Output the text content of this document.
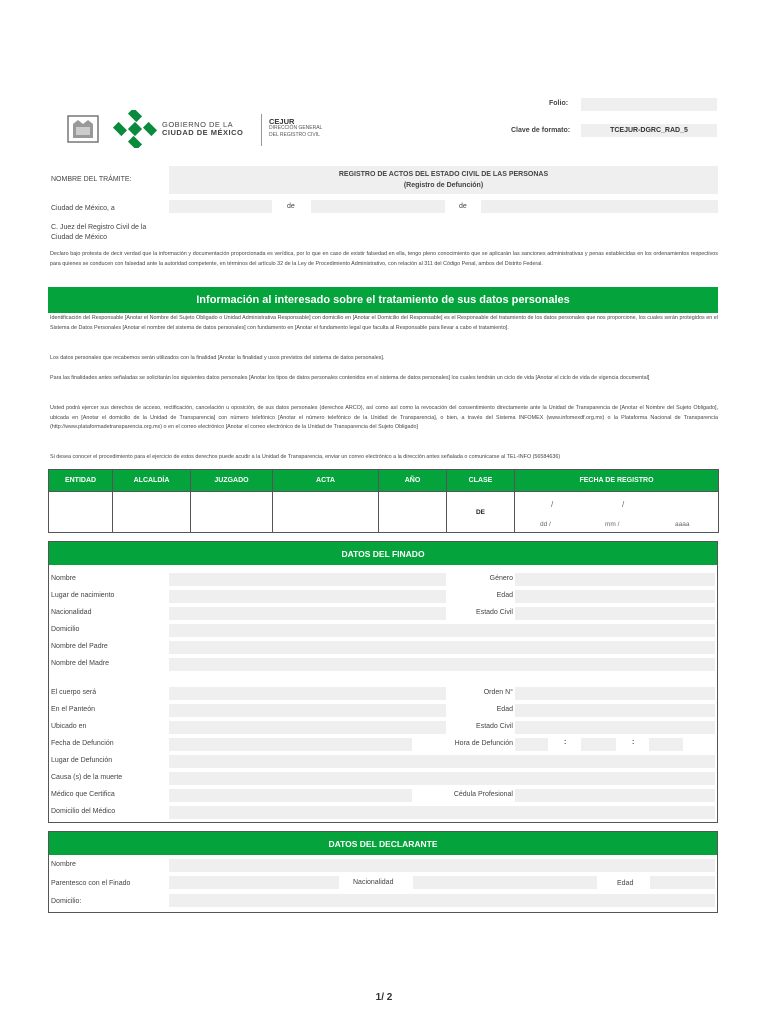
GOBIERNO DE LA
CIUDAD DE MÉXICO
CEJUR
DIRECCIÓN GENERAL
DEL REGISTRO CIVIL
Folio:
Clave de formato:	TCEJUR-DGRC_RAD_5
NOMBRE DEL TRÁMITE:
REGISTRO DE ACTOS DEL ESTADO CIVIL DE LAS PERSONAS
(Registro de Defunción)
Ciudad de México, a	de	de
C. Juez del Registro Civil de la
Ciudad de México
Declaro bajo protesta de decir verdad que la información y documentación proporcionada es verídica, por lo que en caso de existir falsedad en ella, tengo pleno conocimiento que se aplicarán las sanciones administrativas y penas establecidas en los ordenamientos respectivos para quienes se conducen con falsedad ante la autoridad competente, en términos del artículo 32 de la Ley de Procedimiento Administrativo, con relación al 311 del Código Penal, ambos del Distrito Federal.
Información al interesado sobre el tratamiento de sus datos personales
Identificación del Responsable [Anotar el Nombre del Sujeto Obligado o Unidad Administrativa Responsable] con domicilio en [Anotar el Domicilio del Responsable] es el Responsable del tratamiento de los datos personales que nos proporcione, los cuales serán protegidos en el Sistema de Datos Personales [Anotar el nombre del sistema de datos personales] con fundamento en [Anotar el fundamento legal que faculta al Responsable para llevar a cabo el tratamiento].
Los datos personales que recabemos serán utilizados con la finalidad [Anotar la finalidad y usos previstos del sistema de datos personales].
Para las finalidades antes señaladas se solicitarán los siguientes datos personales [Anotar los tipos de datos personales contenidos en el sistema de datos personales] los cuales tendrán un ciclo de vida [Anotar el ciclo de vida de vigencia documental]
Usted podrá ejercer sus derechos de acceso, rectificación, cancelación u oposición, de sus datos personales (derechos ARCO), así como así como la revocación del consentimiento directamente ante la Unidad de Transparencia de [Anotar el Nombre del Sujeto Obligado], ubicada en [Anotar el domicilio de la Unidad de Transparencia] con número telefónico [Anotar el número telefónico de la Unidad de Transparencia], o bien, a través del Sistema INFOMEX (www.infomexdf.org.mx) o la Plataforma Nacional de Transparencia (http://www.plataformadetransparencia.org.mx) o en el correo electrónico [Anotar el correo electrónico de la Unidad de Transparencia del Sujeto Obligado]
Si desea conocer el procedimiento para el ejercicio de estos derechos puede acudir a la Unidad de Transparencia, enviar un correo electrónico a la dirección antes señalada o comunicarse al TEL-INFO (56584636)
ENTIDAD	ALCALDÍA	JUZGADO	ACTA	AÑO	CLASE	FECHA DE REGISTRO
					DE	/ /
dd / mm / aaaa
DATOS DEL FINADO
Nombre	Género
Lugar de nacimiento	Edad
Nacionalidad	Estado Civil
Domicilio
Nombre del Padre
Nombre del Madre
El cuerpo será	Orden N°
En el Panteón	Edad
Ubicado en	Estado Civil
Fecha de Defunción	Hora de Defunción	:	:
Lugar de Defunción
Causa (s) de la muerte
Médico que Certifica	Cédula Profesional
Domicilio del Médico
DATOS DEL DECLARANTE
Nombre
Parentesco con el Finado	Nacionalidad	Edad
Domicilio:
1/ 2
